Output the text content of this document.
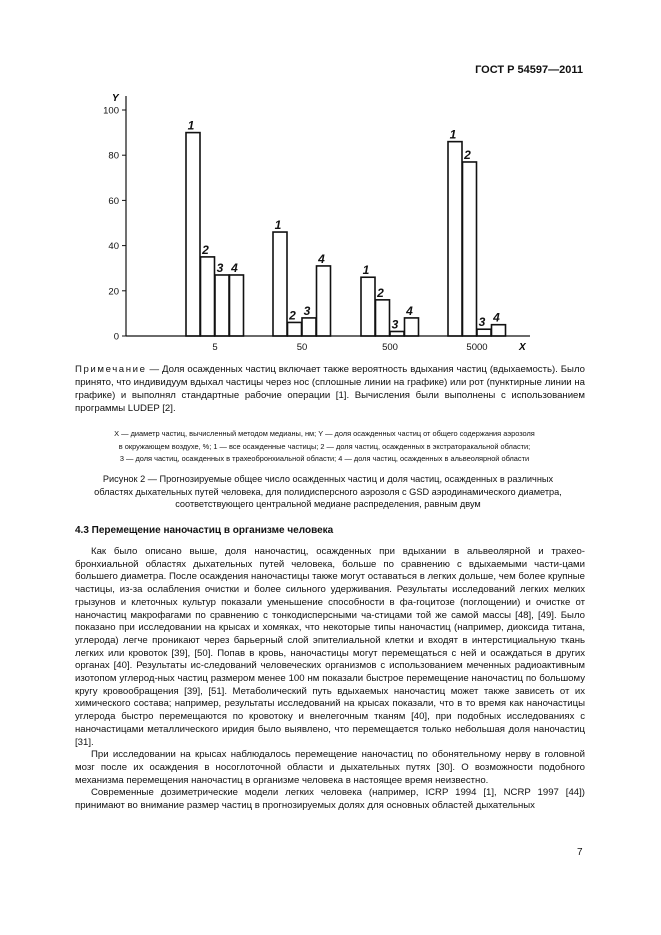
ГОСТ Р 54597—2011
0
20
40
60
80
100
1
2
3 4
1
2 3
4
1
2
3
4
1
2
3 4
5	50	500	5000
Y
X
Примечание — Доля осажденных частиц включает также вероятность вдыхания частиц (вдыхаемость). Было принято, что индивидуум вдыхал частицы через нос (сплошные линии на графике) или рот (пунктирные линии на графике) и выполнял стандартные рабочие операции [1]. Вычисления были выполнены с использованием программы LUDEP [2].
X — диаметр частиц, вычисленный методом медианы, нм; Y — доля осажденных частиц от общего содержания аэрозоля
в окружающем воздухе, %; 1 — все осажденные частицы; 2 — доля частиц, осажденных в экстраторакальной области;
3 — доля частиц, осажденных в трахеобронхиальной области; 4 — доля частиц, осажденных в альвеолярной области
Рисунок 2 — Прогнозируемые общее число осажденных частиц и доля частиц, осажденных в различных
областях дыхательных путей человека, для полидисперсного аэрозоля с GSD аэродинамического диаметра,
соответствующего центральной медиане распределения, равным двум
4.3 Перемещение наночастиц в организме человека

Как было описано выше, доля наночастиц, осажденных при вдыхании в альвеолярной и трахео-бронхиальной областях дыхательных путей человека, больше по сравнению с вдыхаемыми части-цами большего диаметра. После осаждения наночастицы также могут оставаться в легких дольше, чем более крупные частицы, из-за ослабления очистки и более сильного удерживания. Результаты исследований легких мелких грызунов и клеточных культур показали уменьшение способности в фа-гоцитозе (поглощении) и очистке от наночастиц макрофагами по сравнению с тонкодисперсными ча-стицами той же самой массы [48], [49]. Было показано при исследовании на крысах и хомяках, что некоторые типы наночастиц (например, диоксида титана, углерода) легче проникают через барьерный слой эпителиальной клетки и входят в интерстициальную ткань легких или кровоток [39], [50]. Попав в кровь, наночастицы могут перемещаться с ней и осаждаться в других органах [40]. Результаты ис-следований человеческих организмов с использованием меченных радиоактивным изотопом углерод-ных частиц размером менее 100 нм показали быстрое перемещение наночастиц по большому кругу кровообращения [39], [51]. Метаболический путь вдыхаемых наночастиц может также зависеть от их химического состава; например, результаты исследований на крысах показали, что в то время как наночастицы углерода быстро перемещаются по кровотоку и внелегочным тканям [40], при подобных исследованиях с наночастицами металлического иридия было выявлено, что перемещается только небольшая доля наночастиц [31].

При исследовании на крысах наблюдалось перемещение наночастиц по обонятельному нерву в головной мозг после их осаждения в носоглоточной области и дыхательных путях [30]. О возможности подобного механизма перемещения наночастиц в организме человека в настоящее время неизвестно.

Современные дозиметрические модели легких человека (например, ICRP 1994 [1], NCRP 1997 [44]) принимают во внимание размер частиц в прогнозируемых долях для основных областей дыхательных

7
